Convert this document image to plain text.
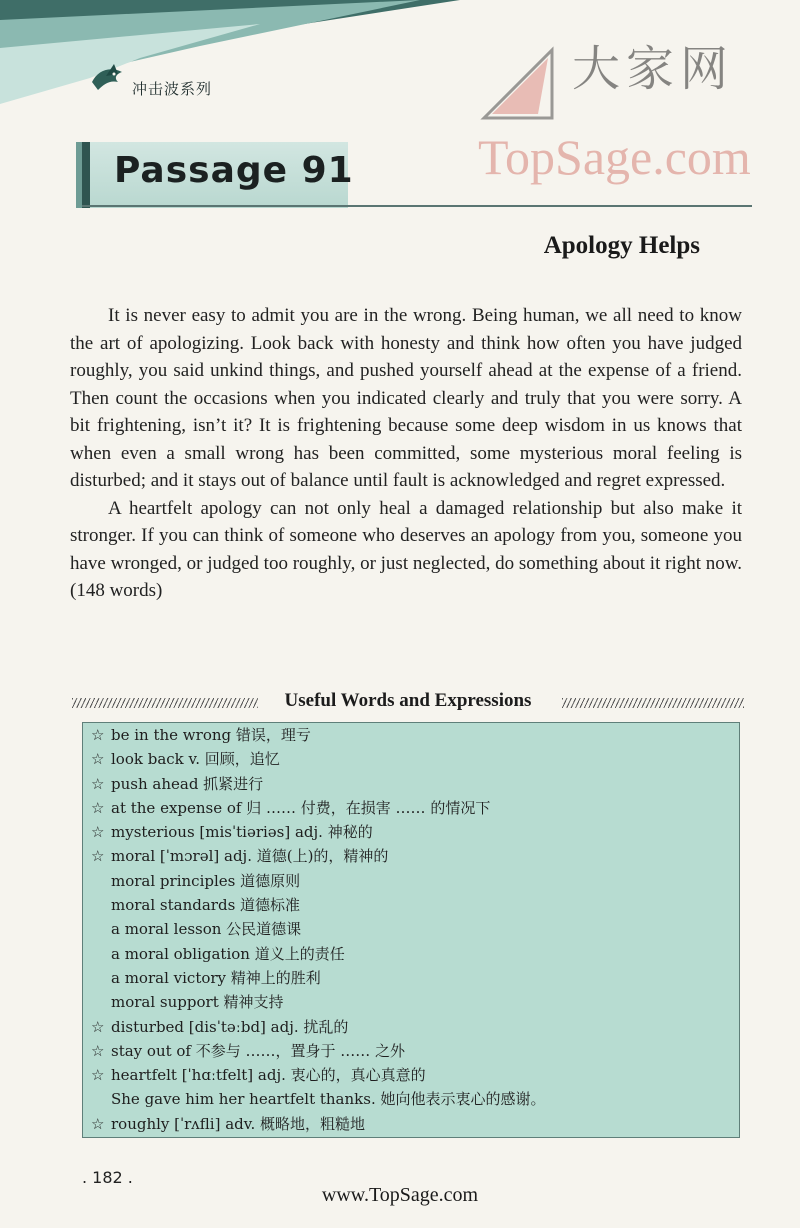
冲击波系列	大家网
TopSage.com
Passage 91
Apology Helps

It is never easy to admit you are in the wrong. Being human, we all need to know the art of apologizing. Look back with honesty and think how often you have judged roughly, you said unkind things, and pushed yourself ahead at the expense of a friend. Then count the occasions when you indicated clearly and truly that you were sorry. A bit frightening, isn’t it? It is frightening because some deep wisdom in us knows that when even a small wrong has been committed, some mysterious moral feeling is disturbed; and it stays out of balance until fault is acknowledged and regret expressed.

A heartfelt apology can not only heal a damaged relationship but also make it stronger. If you can think of someone who deserves an apology from you, someone you have wronged, or judged too roughly, or just neglected, do something about it right now. (148 words)

Useful Words and Expressions
☆ be in the wrong 错误，理亏
☆ look back v. 回顾，追忆
☆ push ahead 抓紧进行
☆ at the expense of 归 …… 付费，在损害 …… 的情况下
☆ mysterious [misˈtiəriəs] adj. 神秘的
☆ moral [ˈmɔrəl] adj. 道德(上)的，精神的
moral principles 道德原则
moral standards 道德标准
a moral lesson 公民道德课
a moral obligation 道义上的责任
a moral victory 精神上的胜利
moral support 精神支持
☆ disturbed [disˈtəːbd] adj. 扰乱的
☆ stay out of 不参与 ……，置身于 …… 之外
☆ heartfelt [ˈhɑːtfelt] adj. 衷心的，真心真意的
She gave him her heartfelt thanks. 她向他表示衷心的感谢。
☆ roughly [ˈrʌfli] adv. 概略地，粗糙地
. 182 .
www.TopSage.com
